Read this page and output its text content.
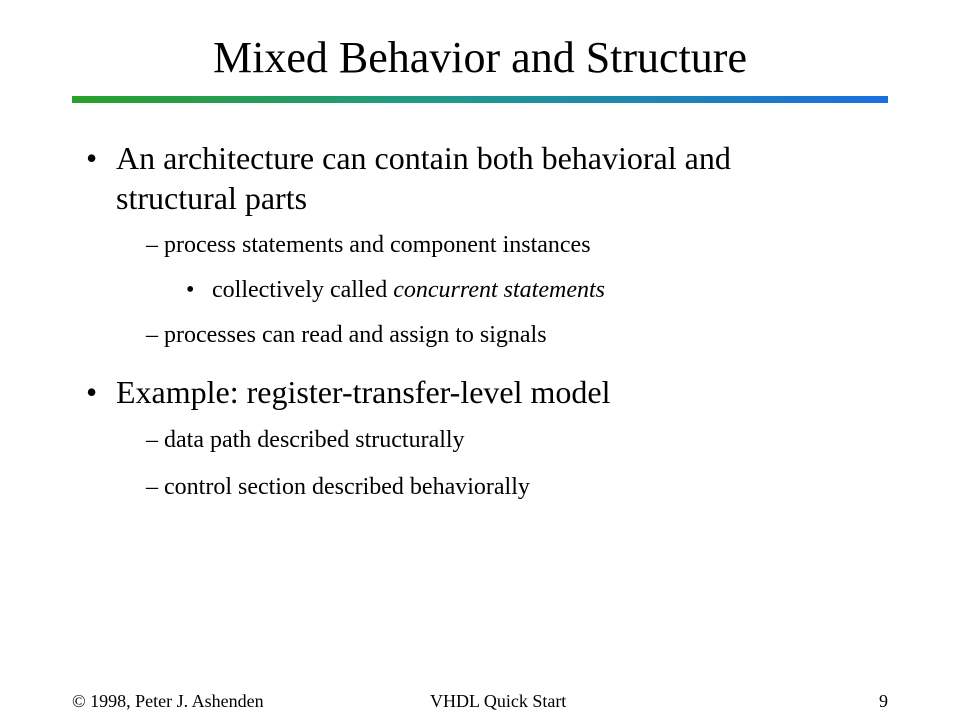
Mixed Behavior and Structure
• An architecture can contain both behavioral and
structural parts
– process statements and component instances
• collectively called concurrent statements
– processes can read and assign to signals
• Example: register-transfer-level model
– data path described structurally
– control section described behaviorally
© 1998, Peter J. Ashenden	VHDL Quick Start	9
